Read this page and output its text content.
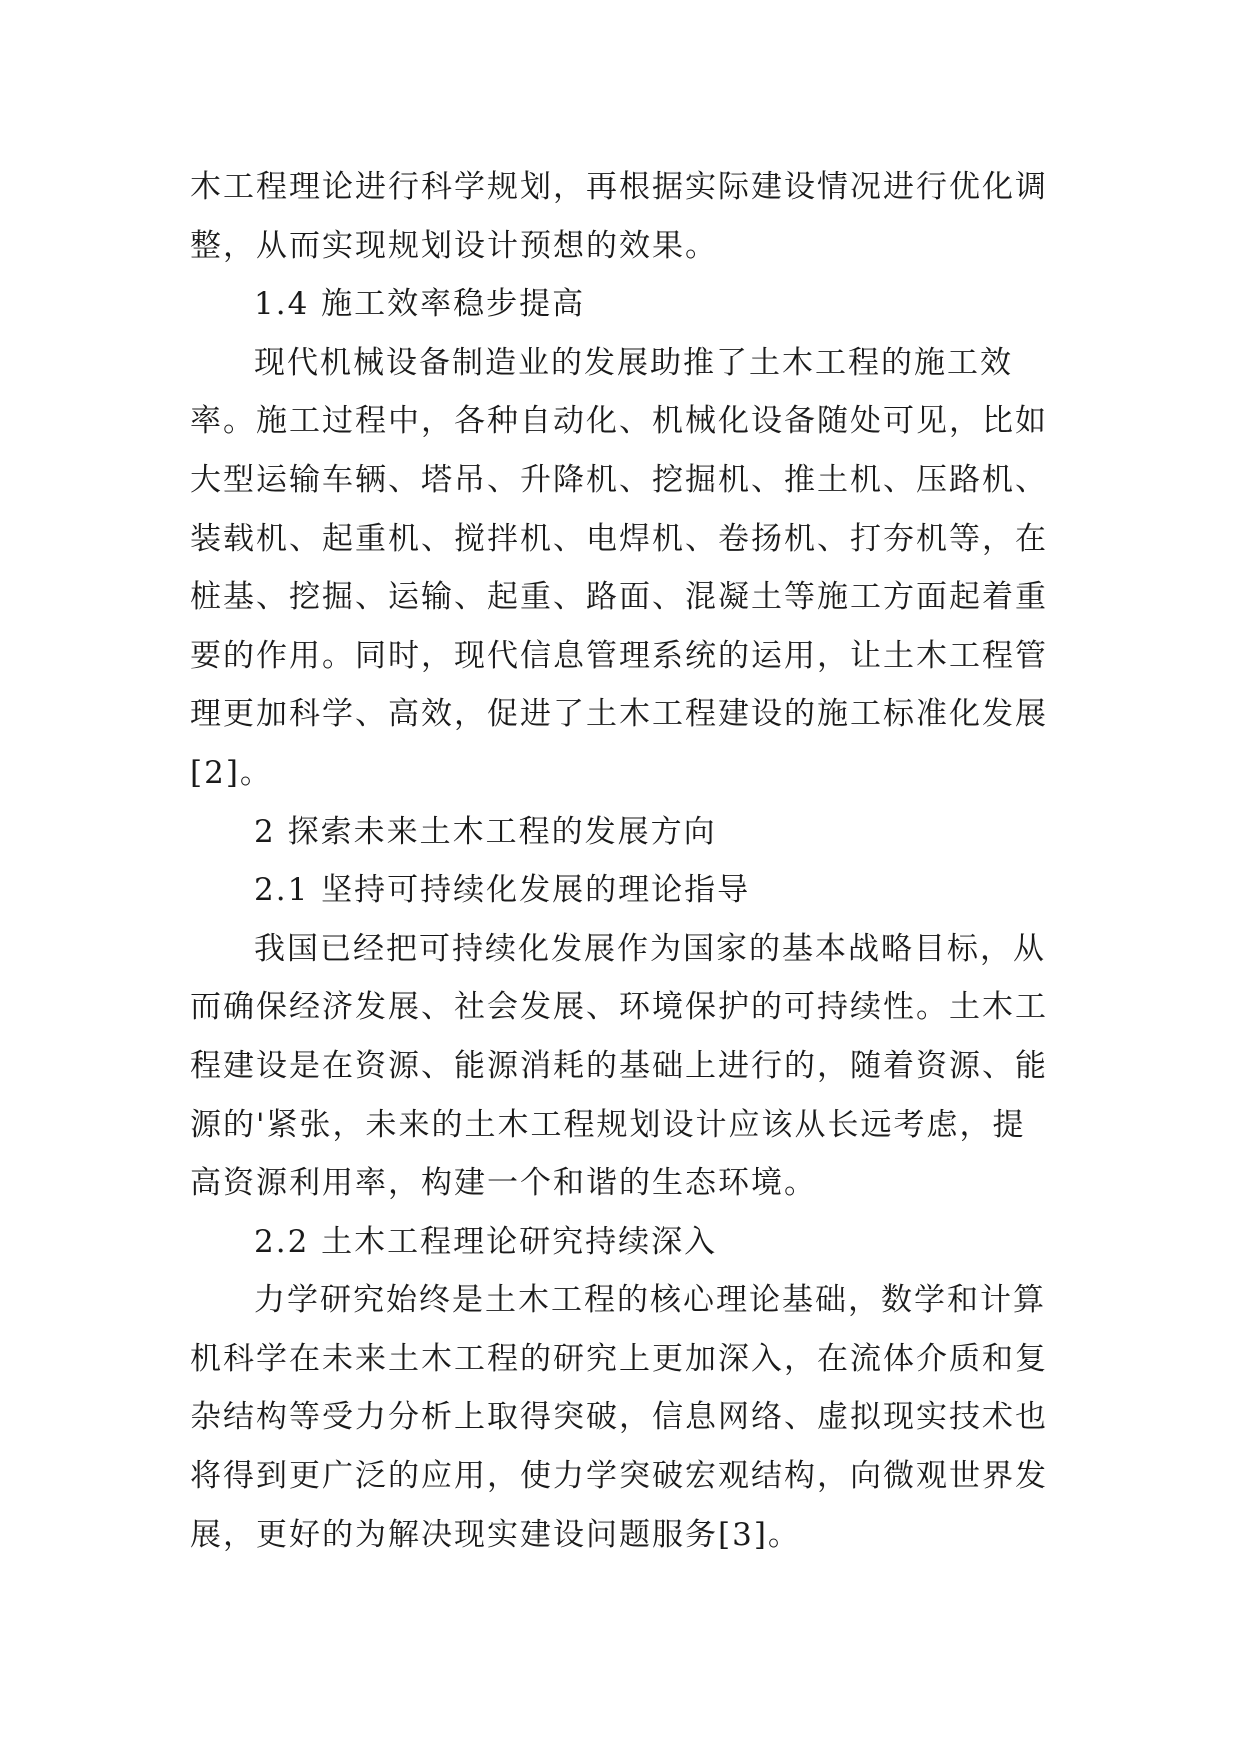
木工程理论进行科学规划，再根据实际建设情况进行优化调
整，从而实现规划设计预想的效果。
1.4 施工效率稳步提高
现代机械设备制造业的发展助推了土木工程的施工效
率。施工过程中，各种自动化、机械化设备随处可见，比如
大型运输车辆、塔吊、升降机、挖掘机、推土机、压路机、
装载机、起重机、搅拌机、电焊机、卷扬机、打夯机等，在
桩基、挖掘、运输、起重、路面、混凝土等施工方面起着重
要的作用。同时，现代信息管理系统的运用，让土木工程管
理更加科学、高效，促进了土木工程建设的施工标准化发展
[2]。
2 探索未来土木工程的发展方向
2.1 坚持可持续化发展的理论指导
我国已经把可持续化发展作为国家的基本战略目标，从
而确保经济发展、社会发展、环境保护的可持续性。土木工
程建设是在资源、能源消耗的基础上进行的，随着资源、能
源的'紧张，未来的土木工程规划设计应该从长远考虑，提
高资源利用率，构建一个和谐的生态环境。
2.2 土木工程理论研究持续深入
力学研究始终是土木工程的核心理论基础，数学和计算
机科学在未来土木工程的研究上更加深入，在流体介质和复
杂结构等受力分析上取得突破，信息网络、虚拟现实技术也
将得到更广泛的应用，使力学突破宏观结构，向微观世界发
展，更好的为解决现实建设问题服务[3]。
